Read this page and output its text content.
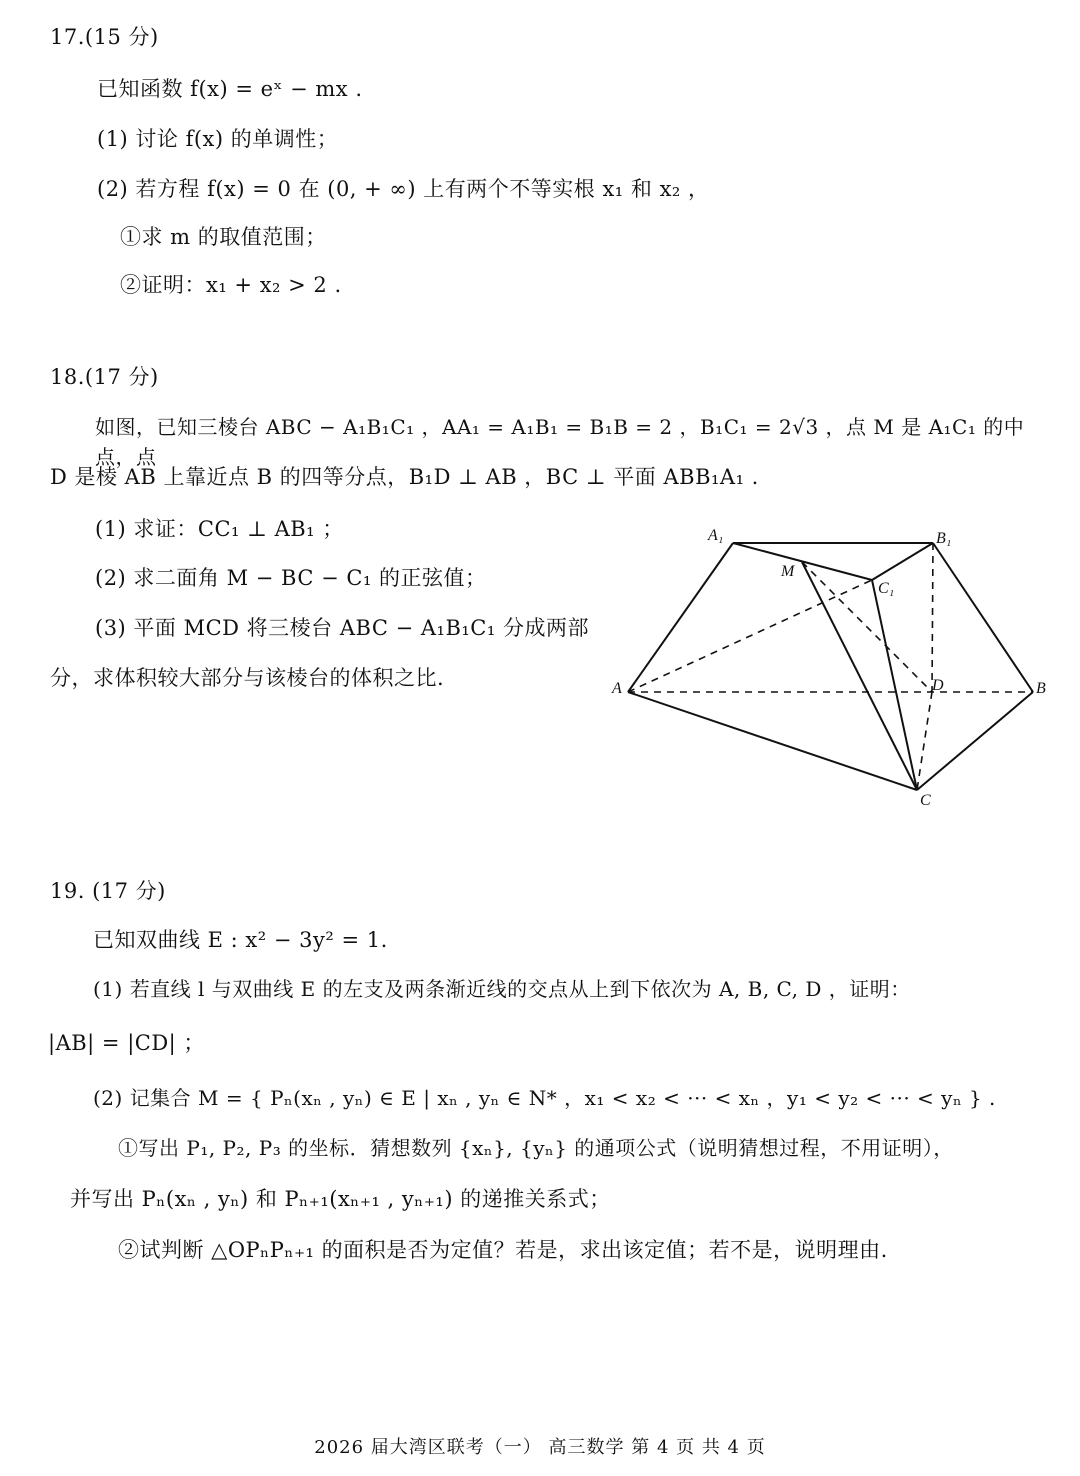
17.(15 分)
已知函数 f(x) = eˣ − mx .
(1) 讨论 f(x) 的单调性；
(2) 若方程 f(x) = 0 在 (0, + ∞) 上有两个不等实根 x₁ 和 x₂ ，
①求 m 的取值范围；
②证明：x₁ + x₂ > 2 .
18.(17 分)
如图，已知三棱台 ABC − A₁B₁C₁ ，AA₁ = A₁B₁ = B₁B = 2 ，B₁C₁ = 2√3 ，点 M 是 A₁C₁ 的中点，点
D 是棱 AB 上靠近点 B 的四等分点，B₁D ⊥ AB ，BC ⊥ 平面 ABB₁A₁ .
(1) 求证：CC₁ ⊥ AB₁ ；
(2) 求二面角 M − BC − C₁ 的正弦值；
(3) 平面 MCD 将三棱台 ABC − A₁B₁C₁ 分成两部
分，求体积较大部分与该棱台的体积之比.
A₁	B₁
M
C₁
A	D	B
C
19. (17 分)
已知双曲线 E : x² − 3y² = 1.
(1) 若直线 l 与双曲线 E 的左支及两条渐近线的交点从上到下依次为 A, B, C, D ，证明：
|AB| = |CD| ；
(2) 记集合 M = { Pₙ(xₙ , yₙ) ∈ E | xₙ , yₙ ∈ N* ，x₁ < x₂ < ··· < xₙ ，y₁ < y₂ < ··· < yₙ } .
①写出 P₁, P₂, P₃ 的坐标．猜想数列 {xₙ}, {yₙ} 的通项公式（说明猜想过程，不用证明），
并写出 Pₙ(xₙ , yₙ) 和 Pₙ₊₁(xₙ₊₁ , yₙ₊₁) 的递推关系式；
②试判断 △OPₙPₙ₊₁ 的面积是否为定值？若是，求出该定值；若不是，说明理由.
2026 届大湾区联考（一） 高三数学 第 4 页 共 4 页
